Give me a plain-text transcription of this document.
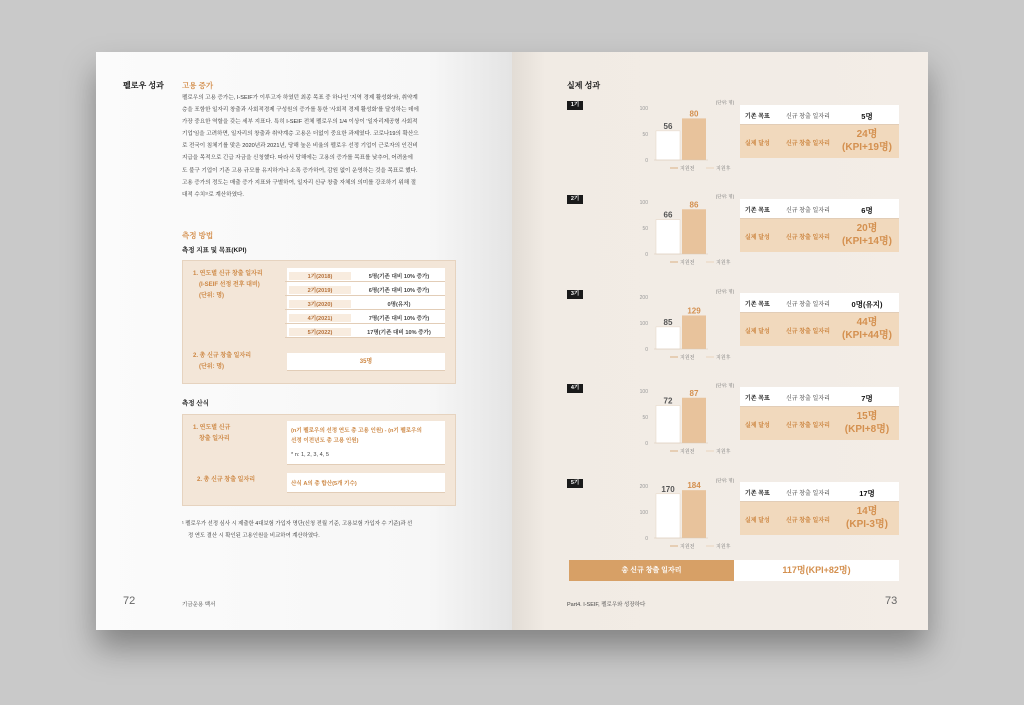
펠로우 성과 고용 증가
펠로우의 고용 증가는, I-SEIF가 이루고자 하였던 최종 목표 중 하나인 '지역 경제 활성화'와, 취약계
층을 포함한 일자리 창출과 사회적경제 구성원의 증가를 통한 '사회적 경제 활성화'를 달성하는 데에
가장 중요한 역할을 갖는 세부 지표다. 특히 I-SEIF 전체 펠로우의 1/4 이상이 '일자리제공형 사회적
기업'임을 고려하면, 일자리의 창출과 취약계층 고용은 더없이 중요한 과제였다. 코로나19의 확산으
로 전국이 침체기를 맞은 2020년과 2021년, 당해 높은 비율의 펠로우 선정 기업이 근로자의 인건비
지급을 목적으로 긴급 자금을 신청했다. 따라서 당해에는 고용의 증가를 목표를 낮추어, 어려움에
도 불구 기업이 기존 고용 규모를 유지하거나 소폭 증가하여, 감원 없이 운영하는 것을 목표로 했다.
고용 증가의 정도는 매출 증가 지표와 구별하여, 일자리 신규 창출 자체의 의미를 강조하기 위해 절
대적 수치¹⁾로 계산하였다.
측정 방법
측정 지표 및 목표(KPI)
1. 연도별 신규 창출 일자리
(I-SEIF 선정 전후 대비)
(단위: 명)
1기(2018)	5명(기존 대비 10% 증가)
2기(2019)	6명(기존 대비 10% 증가)
3기(2020)	0명(유지)
4기(2021)	7명(기존 대비 10% 증가)
5기(2022)	17명(기존 대비 10% 증가)
2. 총 신규 창출 일자리
(단위: 명)
35명
측정 산식
1. 연도별 신규
창출 일자리
(n기 펠로우의 선정 연도 총 고용 인원) - (n기 펠로우의
선정 이전년도 총 고용 인원)
* n: 1, 2, 3, 4, 5
2. 총 신규 창출 일자리
산식 A의 총 합산(5개 기수)
¹ 펠로우가 선정 심사 시 제출한 4대보험 가입자 명단(신청 전월 기준, 고용보험 가입자 수 기준)과 선
정 연도 결산 시 확인된 고용인원을 비교하여 계산하였다.
72	기금운용 백서
실제 성과
1기	(단위: 명)
0
50
100
56
80
지원전	지원후
기존 목표	신규 창출 일자리	5명
실제 달성	신규 창출 일자리
24명
(KPI+19명)
2기	(단위: 명)
0
50
100
66
86
지원전	지원후
기존 목표	신규 창출 일자리	6명
실제 달성	신규 창출 일자리
20명
(KPI+14명)
3기	(단위: 명)
0
100
200
85
129
지원전	지원후
기존 목표	신규 창출 일자리	0명(유지)
실제 달성	신규 창출 일자리
44명
(KPI+44명)
4기	(단위: 명)
0
50
100
72
87
지원전	지원후
기존 목표	신규 창출 일자리	7명
실제 달성	신규 창출 일자리
15명
(KPI+8명)
5기	(단위: 명)
0
100
200 170 184
지원전	지원후
기존 목표	신규 창출 일자리	17명
실제 달성	신규 창출 일자리
14명
(KPI-3명)
총 신규 창출 일자리	117명(KPI+82명)
Part4. I-SEIF, 펠로우와 성장하다	73
